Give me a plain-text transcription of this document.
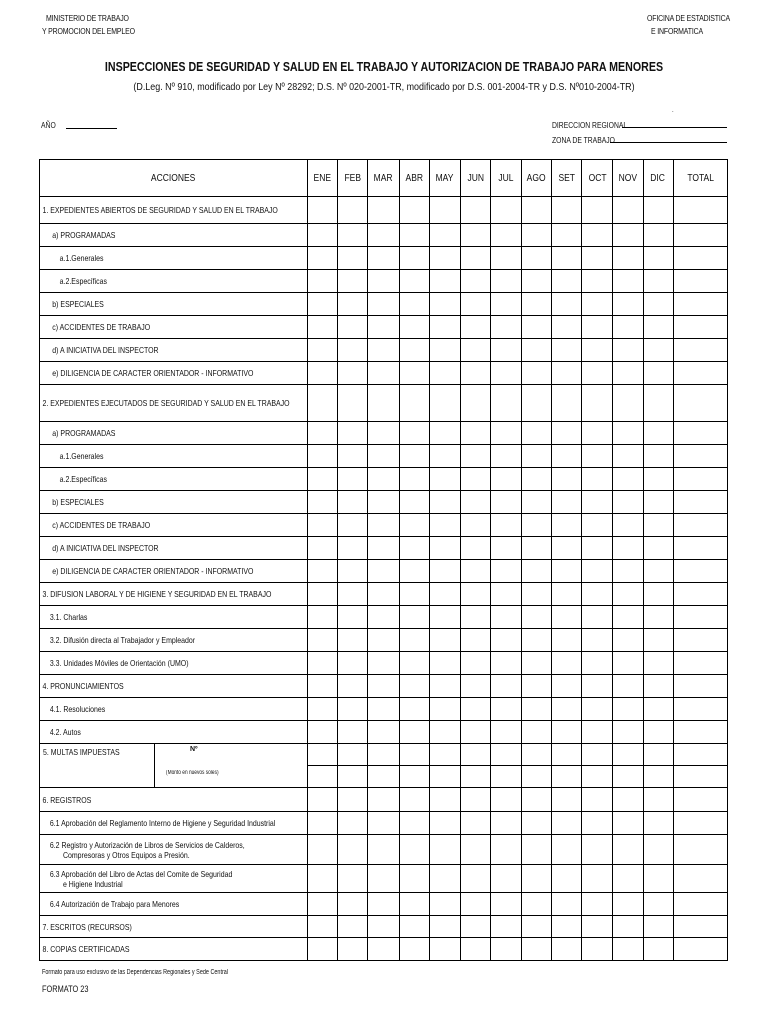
MINISTERIO DE TRABAJO
Y PROMOCION DEL EMPLEO
OFICINA DE ESTADISTICA
E INFORMATICA
INSPECCIONES DE SEGURIDAD Y SALUD EN EL TRABAJO Y AUTORIZACION DE TRABAJO PARA MENORES
(D.Leg. Nº 910, modificado por Ley Nº 28292; D.S. Nº 020-2001-TR, modificado por D.S. 001-2004-TR y D.S. Nº010-2004-TR)
AÑO
.
DIRECCION REGIONAL
ZONA DE TRABAJO
ACCIONES	ENE	FEB	MAR	ABR	MAY	JUN	JUL	AGO	SET	OCT	NOV	DIC	TOTAL

1. EXPEDIENTES ABIERTOS DE SEGURIDAD Y SALUD EN EL TRABAJO													

a) PROGRAMADAS													

a.1.Generales													

a.2.Específicas													

b) ESPECIALES													

c) ACCIDENTES DE TRABAJO													

d) A INICIATIVA DEL INSPECTOR													

e) DILIGENCIA DE CARACTER ORIENTADOR - INFORMATIVO													

2. EXPEDIENTES EJECUTADOS DE SEGURIDAD Y SALUD EN EL TRABAJO													

a) PROGRAMADAS													

a.1.Generales													

a.2.Específicas													

b) ESPECIALES													

c) ACCIDENTES DE TRABAJO													

d) A INICIATIVA DEL INSPECTOR													

e) DILIGENCIA DE CARACTER ORIENTADOR - INFORMATIVO													

3. DIFUSION LABORAL Y DE HIGIENE Y SEGURIDAD EN EL TRABAJO													

3.1. Charlas													

3.2. Difusión directa al Trabajador y Empleador													

3.3. Unidades Móviles de Orientación (UMO)													

4. PRONUNCIAMIENTOS													

4.1. Resoluciones													

4.2. Autos													

5. MULTAS IMPUESTAS Nº
(Monto en nuevos soles)													

6. REGISTROS													

6.1 Aprobación del Reglamento Interno de Higiene y Seguridad Industrial													

6.2 Registro y Autorización de Libros de Servicios de Calderos,
Compresoras y Otros Equipos a Presión.													

6.3 Aprobación del Libro de Actas del Comite de Seguridad
e Higiene Industrial													

6.4 Autorización de Trabajo para Menores													

7. ESCRITOS (RECURSOS)													

8. COPIAS CERTIFICADAS													

Formato para uso exclusivo de las Dependencias Regionales y Sede Central
FORMATO 23
